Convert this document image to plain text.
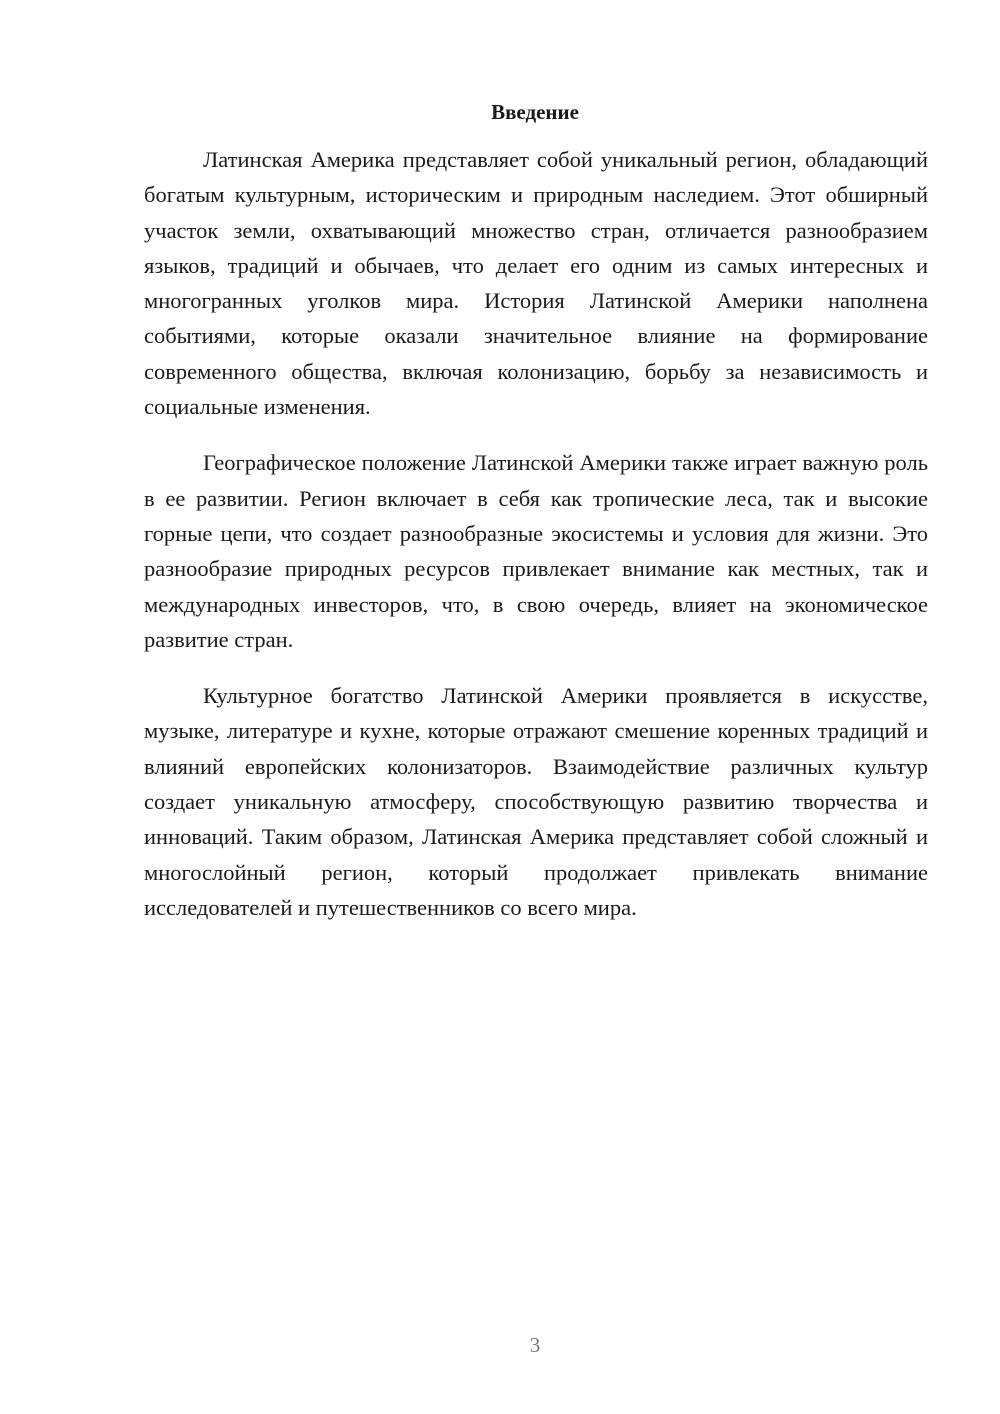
Введение

Латинская Америка представляет собой уникальный регион, обладающий богатым культурным, историческим и природным наследием. Этот обширный участок земли, охватывающий множество стран, отличается разнообразием языков, традиций и обычаев, что делает его одним из самых интересных и многогранных уголков мира. История Латинской Америки наполнена событиями, которые оказали значительное влияние на формирование современного общества, включая колонизацию, борьбу за независимость и социальные изменения.

Географическое положение Латинской Америки также играет важную роль в ее развитии. Регион включает в себя как тропические леса, так и высокие горные цепи, что создает разнообразные экосистемы и условия для жизни. Это разнообразие природных ресурсов привлекает внимание как местных, так и международных инвесторов, что, в свою очередь, влияет на экономическое развитие стран.

Культурное богатство Латинской Америки проявляется в искусстве, музыке, литературе и кухне, которые отражают смешение коренных традиций и влияний европейских колонизаторов. Взаимодействие различных культур создает уникальную атмосферу, способствующую развитию творчества и инноваций. Таким образом, Латинская Америка представляет собой сложный и многослойный регион, который продолжает привлекать внимание исследователей и путешественников со всего мира.

3
